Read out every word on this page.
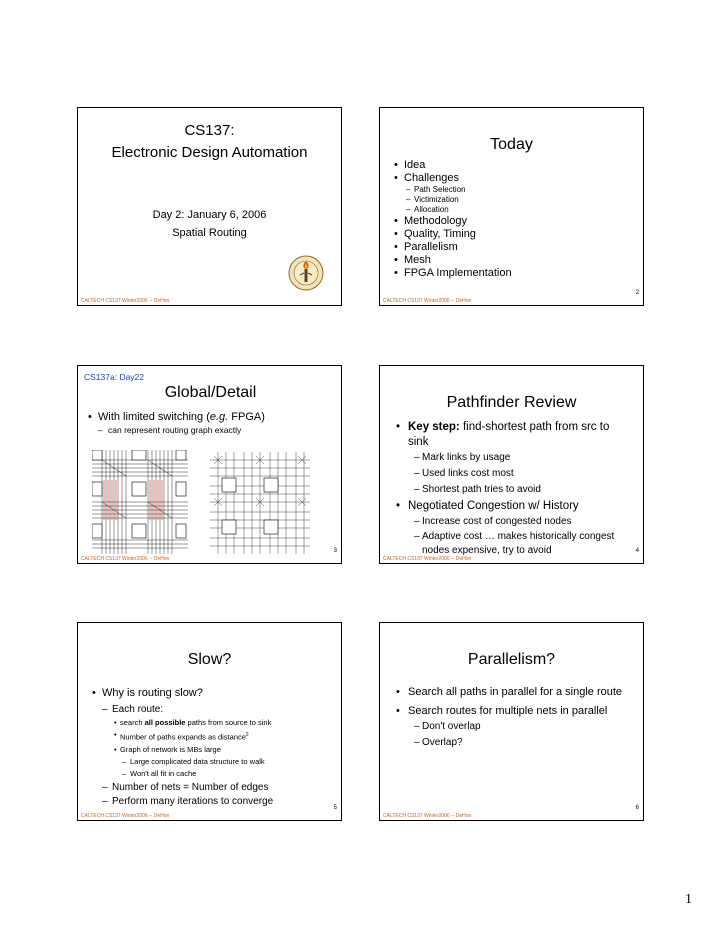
CS137:
Electronic Design Automation
Day 2: January 6, 2006
Spatial Routing
CALTECH CS137 Winter2006 -- DeHon
Today
• Idea
• Challenges
– Path Selection
– Victimization
– Allocation
• Methodology
• Quality, Timing
• Parallelism
• Mesh
• FPGA Implementation
2
CALTECH CS137 Winter2006 -- DeHon
CS137a: Day22
Global/Detail
• With limited switching (e.g. FPGA)
– can represent routing graph exactly
3
CALTECH CS137 Winter2006 -- DeHon
Pathfinder Review
• Key step: find-shortest path from src to sink
– Mark links by usage
– Used links cost most
– Shortest path tries to avoid
• Negotiated Congestion w/ History
– Increase cost of congested nodes
– Adaptive cost … makes historically congest nodes expensive, try to avoid	4
CALTECH CS137 Winter2006 -- DeHon
Slow?
• Why is routing slow?
– Each route:
• search all possible paths from source to sink
• Number of paths expands as distance$^2$
• Graph of network is MBs large
– Large complicated data structure to walk
– Won't all fit in cache
– Number of nets = Number of edges
– Perform many iterations to converge
5
CALTECH CS137 Winter2006 -- DeHon
Parallelism?
• Search all paths in parallel for a single route
• Search routes for multiple nets in parallel
– Don't overlap
– Overlap?
6
CALTECH CS137 Winter2006 -- DeHon
1
